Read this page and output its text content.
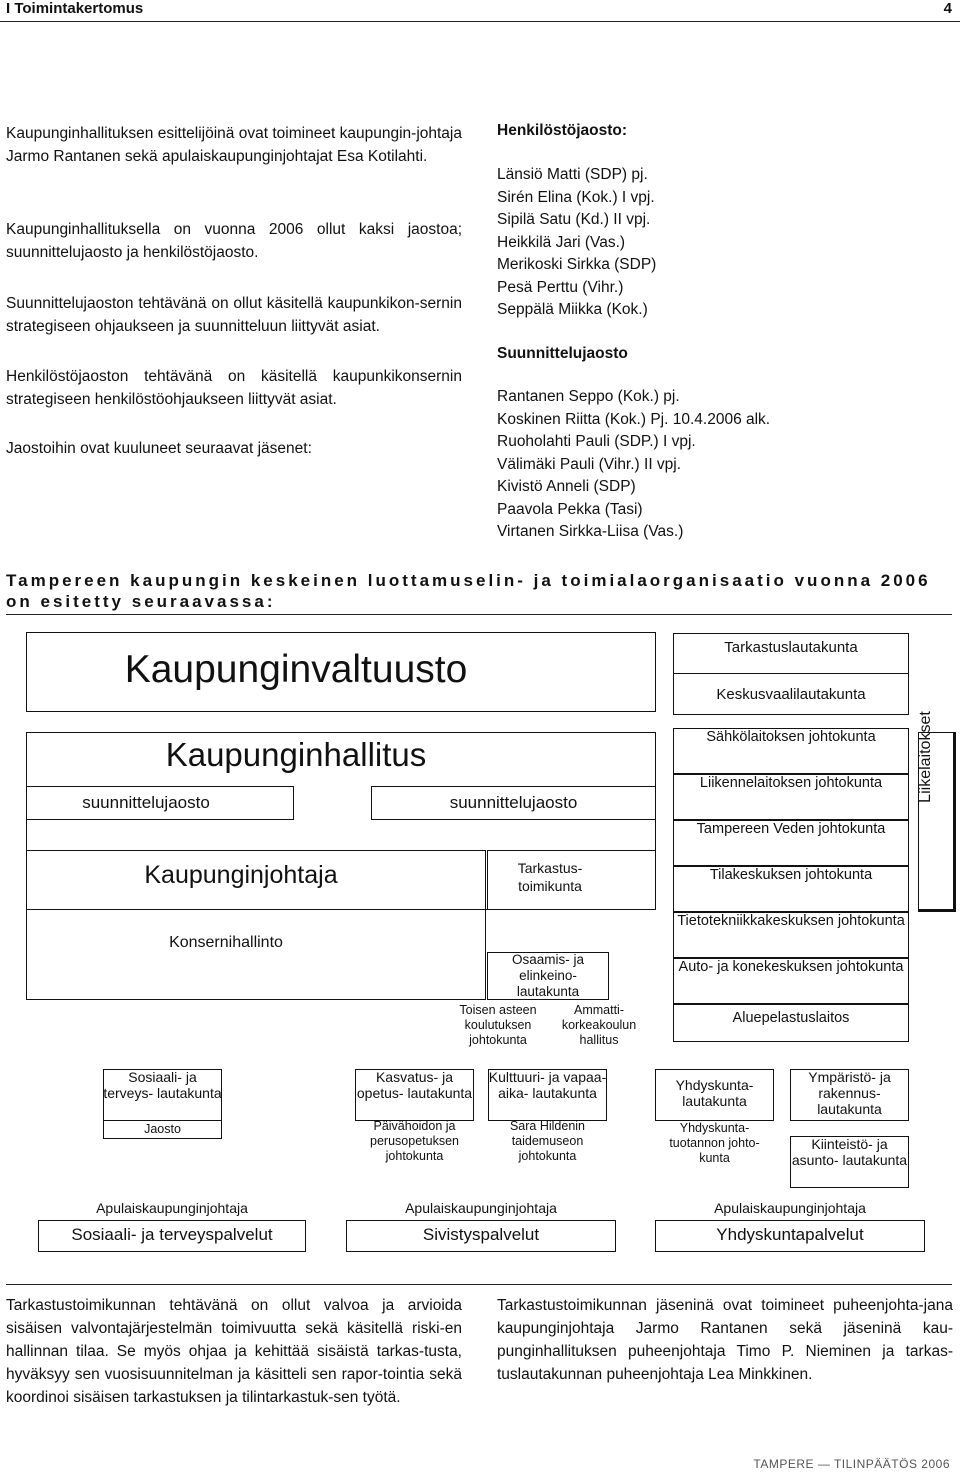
I Toimintakertomus	4
Kaupunginhallituksen esittelijöinä ovat toimineet kaupungin-johtaja Jarmo Rantanen sekä apulaiskaupunginjohtajat Esa Kotilahti.
Kaupunginhallituksella on vuonna 2006 ollut kaksi jaostoa; suunnittelujaosto ja henkilöstöjaosto.
Suunnittelujaoston tehtävänä on ollut käsitellä kaupunkikon-sernin strategiseen ohjaukseen ja suunnitteluun liittyvät asiat.
Henkilöstöjaoston tehtävänä on käsitellä kaupunkikonsernin strategiseen henkilöstöohjaukseen liittyvät asiat.
Jaostoihin ovat kuuluneet seuraavat jäsenet:
Henkilöstöjaosto:
Länsiö Matti (SDP) pj.
Sirén Elina (Kok.) I vpj.
Sipilä Satu (Kd.) II vpj.
Heikkilä Jari (Vas.)
Merikoski Sirkka (SDP)
Pesä Perttu (Vihr.)
Seppälä Miikka (Kok.)
Suunnittelujaosto
Rantanen Seppo (Kok.) pj.
Koskinen Riitta (Kok.) Pj. 10.4.2006 alk.
Ruoholahti Pauli (SDP.) I vpj.
Välimäki Pauli (Vihr.) II vpj.
Kivistö Anneli (SDP)
Paavola Pekka (Tasi)
Virtanen Sirkka-Liisa (Vas.)
Tampereen kaupungin keskeinen luottamuselin- ja toimialaorganisaatio vuonna 2006 on esitetty seuraavassa:
Kaupunginvaltuusto
Tarkastuslautakunta
Keskusvaalilautakunta
Kaupunginhallitus
suunnittelujaosto	suunnittelujaosto
Kaupunginjohtaja	Tarkastus- toimikunta
Konsernihallinto
Osaamis- ja elinkeino- lautakunta
Toisen asteen koulutuksen johtokunta
Ammatti- korkeakoulun hallitus
Sähkölaitoksen johtokunta
Liikennelaitoksen johtokunta
Tampereen Veden johtokunta
Tilakeskuksen johtokunta
Tietotekniikkakeskuksen johtokunta
Auto- ja konekeskuksen johtokunta
Aluepelastuslaitos
Liikelaitokset
Sosiaali- ja terveys- lautakunta
Jaosto
Kasvatus- ja opetus- lautakunta
Päivähoidon ja perusopetuksen johtokunta
Kulttuuri- ja vapaa-aika- lautakunta
Sara Hildenin taidemuseon johtokunta
Yhdyskunta- lautakunta
Yhdyskunta- tuotannon johto- kunta
Ympäristö- ja rakennus- lautakunta
Kiinteistö- ja asunto- lautakunta
Apulaiskaupunginjohtaja	Apulaiskaupunginjohtaja	Apulaiskaupunginjohtaja
Sosiaali- ja terveyspalvelut	Sivistyspalvelut	Yhdyskuntapalvelut
Tarkastustoimikunnan tehtävänä on ollut valvoa ja arvioida sisäisen valvontajärjestelmän toimivuutta sekä käsitellä riski-en hallinnan tilaa. Se myös ohjaa ja kehittää sisäistä tarkas-tusta, hyväksyy sen vuosisuunnitelman ja käsitteli sen rapor-tointia sekä koordinoi sisäisen tarkastuksen ja tilintarkastuk-sen työtä.
Tarkastustoimikunnan jäseninä ovat toimineet puheenjohta-jana kaupunginjohtaja Jarmo Rantanen sekä jäseninä kau-punginhallituksen puheenjohtaja Timo P. Nieminen ja tarkas-tuslautakunnan puheenjohtaja Lea Minkkinen.
TAMPERE — TILINPÄÄTÖS 2006
